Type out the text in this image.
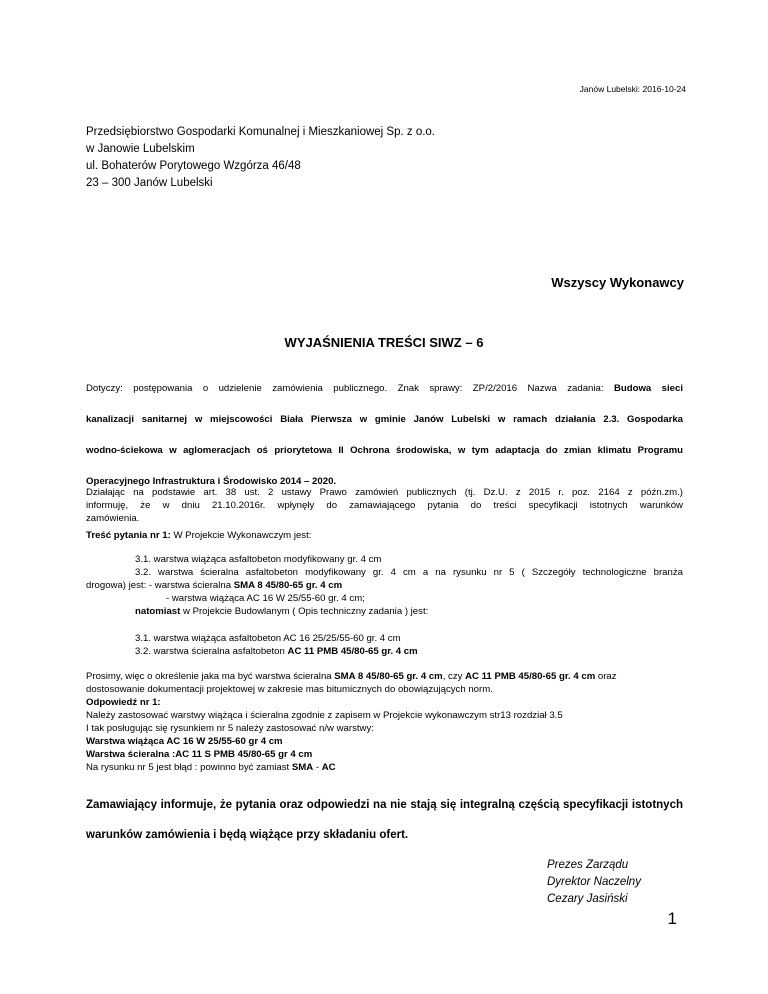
Janów Lubelski: 2016-10-24
Przedsiębiorstwo Gospodarki Komunalnej i Mieszkaniowej Sp. z o.o.
w Janowie Lubelskim
ul. Bohaterów Porytowego Wzgórza 46/48
23 – 300 Janów Lubelski
Wszyscy Wykonawcy
WYJAŚNIENIA TREŚCI SIWZ – 6
Dotyczy: postępowania o udzielenie zamówienia publicznego. Znak sprawy: ZP/2/2016 Nazwa zadania: Budowa sieci
kanalizacji sanitarnej w miejscowości Biała Pierwsza w gminie Janów Lubelski w ramach działania 2.3. Gospodarka
wodno-ściekowa w aglomeracjach oś priorytetowa II Ochrona środowiska, w tym adaptacja do zmian klimatu Programu
Operacyjnego Infrastruktura i Środowisko 2014 – 2020.
Działając na podstawie art. 38 ust. 2 ustawy Prawo zamówień publicznych (tj. Dz.U. z 2015 r. poz. 2164 z późn.zm.)
informuję, że w dniu 21.10.2016r. wpłynęły do zamawiającego pytania do treści specyfikacji istotnych warunków
zamówienia.
Treść pytania nr 1: W Projekcie Wykonawczym jest:
3.1. warstwa wiążąca asfaltobeton modyfikowany gr. 4 cm
3.2. warstwa ścieralna asfaltobeton modyfikowany gr. 4 cm a na rysunku nr 5 ( Szczegóły technologiczne branża
drogowa) jest: - warstwa ścieralna SMA 8 45/80-65 gr. 4 cm
- warstwa wiążąca AC 16 W 25/55-60 gr. 4 cm;
natomiast w Projekcie Budowlanym ( Opis techniczny zadania ) jest:
3.1. warstwa wiążąca asfaltobeton AC 16 25/25/55-60 gr. 4 cm
3.2. warstwa ścieralna asfaltobeton AC 11 PMB 45/80-65 gr. 4 cm
Prosimy, więc o określenie jaka ma być warstwa ścieralna SMA 8 45/80-65 gr. 4 cm, czy AC 11 PMB 45/80-65 gr. 4 cm oraz
dostosowanie dokumentacji projektowej w zakresie mas bitumicznych do obowiązujących norm.
Odpowiedź nr 1:
Należy zastosować warstwy wiążąca i ścieralna zgodnie z zapisem w Projekcie wykonawczym str13 rozdział 3.5
I tak posługując się rysunkiem nr 5 należy zastosować n/w warstwy:
Warstwa wiążąca AC 16 W 25/55-60 gr 4 cm
Warstwa ścieralna :AC 11 S PMB 45/80-65 gr 4 cm
Na rysunku nr 5 jest błąd : powinno być zamiast SMA - AC
Zamawiający informuje, że pytania oraz odpowiedzi na nie stają się integralną częścią specyfikacji istotnych
warunków zamówienia i będą wiążące przy składaniu ofert.
Prezes Zarządu
Dyrektor Naczelny
Cezary Jasiński
1
